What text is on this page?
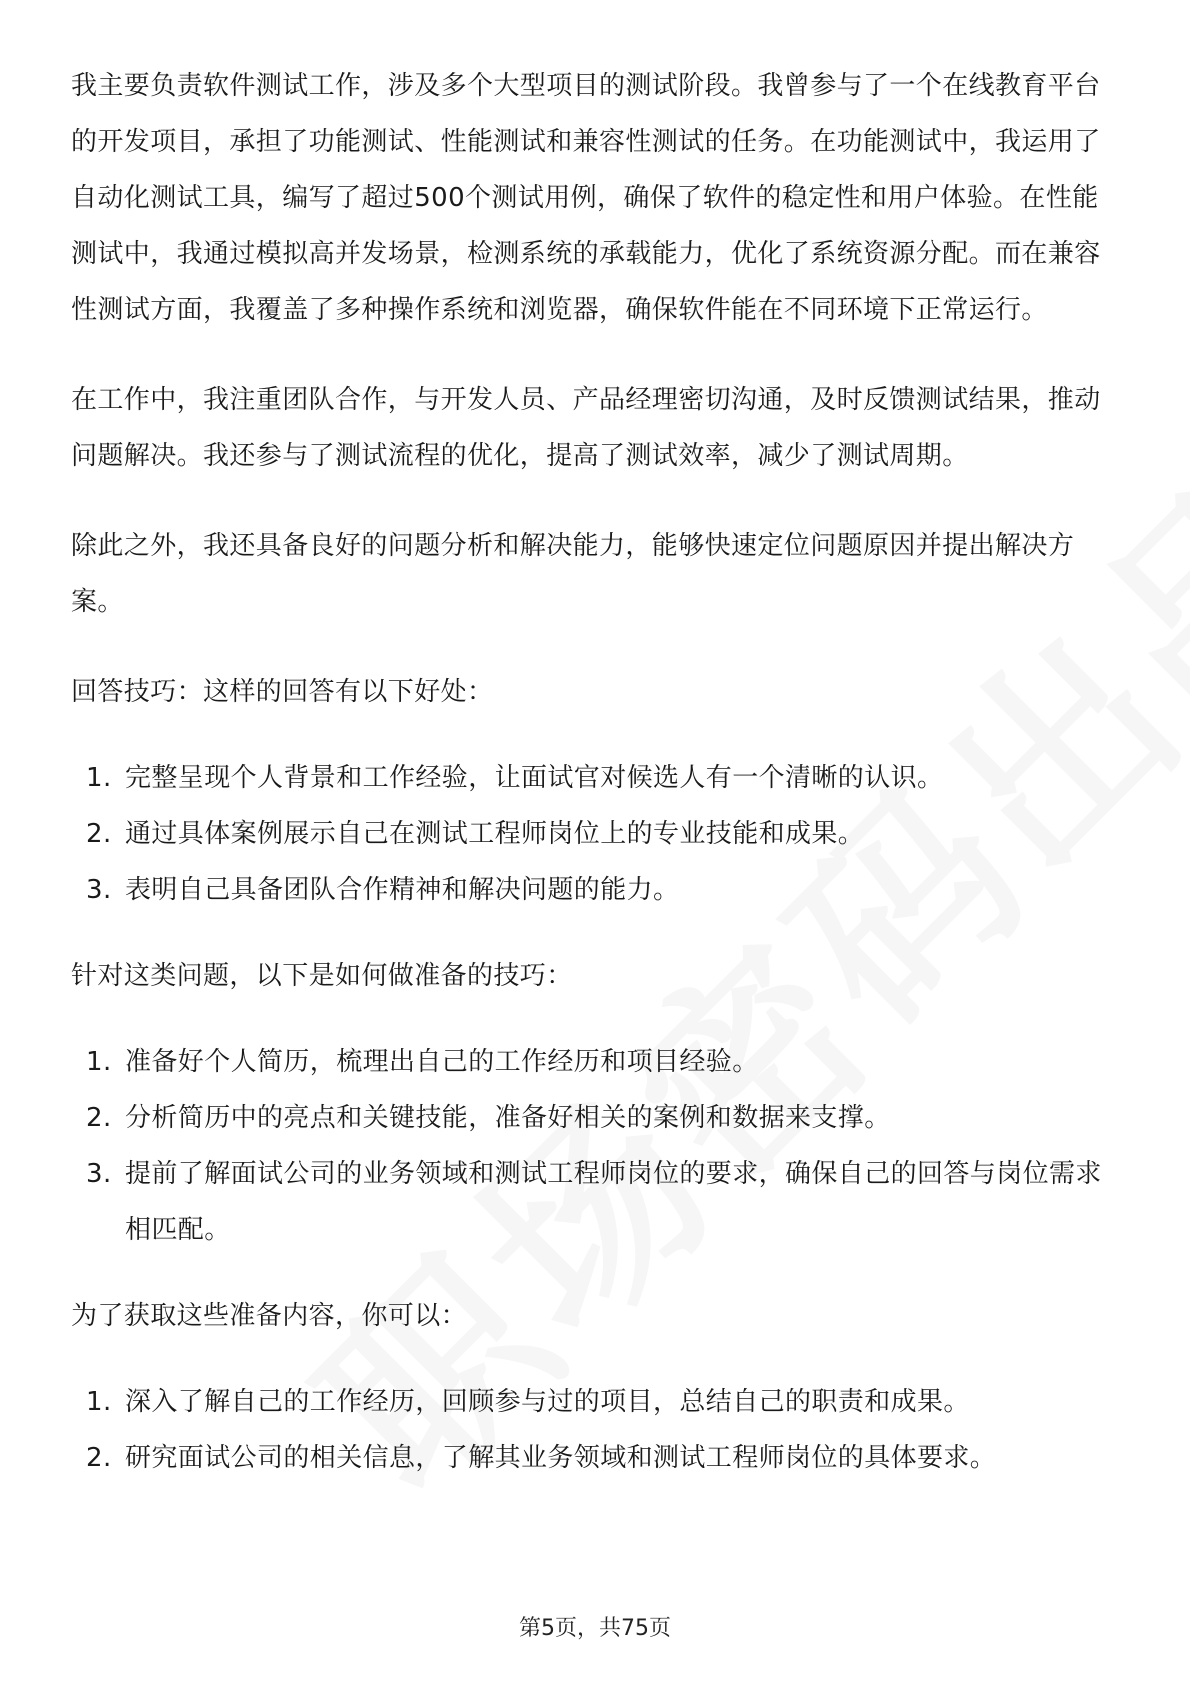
我主要负责软件测试工作，涉及多个大型项目的测试阶段。我曾参与了一个在线教育平台的开发项目，承担了功能测试、性能测试和兼容性测试的任务。在功能测试中，我运用了自动化测试工具，编写了超过500个测试用例，确保了软件的稳定性和用户体验。在性能测试中，我通过模拟高并发场景，检测系统的承载能力，优化了系统资源分配。而在兼容性测试方面，我覆盖了多种操作系统和浏览器，确保软件能在不同环境下正常运行。

在工作中，我注重团队合作，与开发人员、产品经理密切沟通，及时反馈测试结果，推动问题解决。我还参与了测试流程的优化，提高了测试效率，减少了测试周期。

除此之外，我还具备良好的问题分析和解决能力，能够快速定位问题原因并提出解决方案。

回答技巧：这样的回答有以下好处：

1. 完整呈现个人背景和工作经验，让面试官对候选人有一个清晰的认识。
2. 通过具体案例展示自己在测试工程师岗位上的专业技能和成果。
3. 表明自己具备团队合作精神和解决问题的能力。

针对这类问题，以下是如何做准备的技巧：

1. 准备好个人简历，梳理出自己的工作经历和项目经验。
2. 分析简历中的亮点和关键技能，准备好相关的案例和数据来支撑。
3. 提前了解面试公司的业务领域和测试工程师岗位的要求，确保自己的回答与岗位需求相匹配。

为了获取这些准备内容，你可以：

1. 深入了解自己的工作经历，回顾参与过的项目，总结自己的职责和成果。
2. 研究面试公司的相关信息，了解其业务领域和测试工程师岗位的具体要求。
第5页，共75页
